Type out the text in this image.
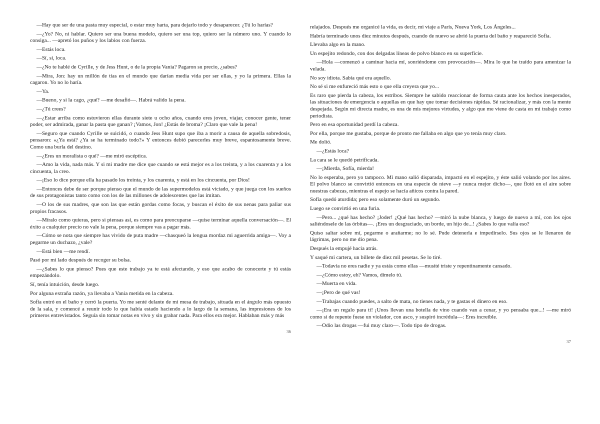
—Hay que ser de una pasta muy especial, o estar muy harta, para dejarlo todo y desaparecer. ¿Tú lo harías?

—¿Yo? No, ni hablar. Quiero ser una buena modelo, quiero ser una top, quiero ser la número uno. Y cuando lo consiga... —apretó los puños y los labios con fuerza.

—Estás loca.

—Sí, sí, loca.

—¿No te hablé de Cyrille, y de Jess Hunt, o de la propia Vania? Pagaron su precio, ¿sabes?

—Mira, Jon: hay un millón de tías en el mundo que darían media vida por ser ellas, y yo la primera. Ellas la cagaron. Yo no lo haría.

—Ya.

—Bueno, y si la cago, ¿qué? —me desafió—. Habrá valido la pena.

—¿Tú crees?

—¿Estar arriba como estuvieron ellas durante siete u ocho años, cuando eres joven, viajar, conocer gente, tener poder, ser admirada, ganar la pasta que ganan? ¡Vamos, Jon! ¿Estás de broma? ¡Claro que vale la pena!

—Seguro que cuando Cyrille se suicidó, o cuando Jess Hunt supo que iba a morir a causa de aquella sobredosis, pensaron: «¿Ya está? ¿Ya se ha terminado todo?» Y entonces debió parecerles muy breve, espantosamente breve. Como una burla del destino.

—¿Eres un moralista o qué? —me miró escéptica.

—Amo la vida, nada más. Y si mi madre me dice que cuando se está mejor es a los treinta, y a los cuarenta y a los cincuenta, la creo.

—¡Eso lo dice porque ella ha pasado los treinta, y los cuarenta, y está en los cincuenta, por Dios!

—Entonces debe de ser porque pienso que el mundo de las supermodelos está viciado, y que juega con los sueños de sus protagonistas tanto como con los de las millones de adolescentes que las imitan.

—O los de sus madres, que son las que están gordas como focas, y buscan el éxito de sus nenas para paliar sus propios fracasos.

—Míralo como quieras, pero si piensas así, es como para preocuparse —quise terminar aquella conversación—. El éxito a cualquier precio no vale la pena, porque siempre vas a pagar más.

—Cómo se nota que siempre has vivido de puta madre —chasqueó la lengua mordaz mi aguerrida amiga—. Voy a pegarme un duchazo, ¿vale?

—Está bien —me rendí.

Pasó por mi lado después de recoger su bolsa.

—¿Sabes lo que pienso? Pues que este trabajo ya te está afectando, y eso que acabo de conocerte y tú estás empezándolo.

Sí, tenía intuición, desde luego.

Por alguna extraña razón, ya llevaba a Vania metida en la cabeza.

Sofía entró en el baño y cerró la puerta. Yo me senté delante de mi mesa de trabajo, situada en el ángulo más opuesto de la sala, y comencé a reunir todo lo que había estado haciendo a lo largo de la semana, las impresiones de los primeros entrevistados. Seguía sin tomar notas en vivo y sin grabar nada. Para ellos era mejor. Hablaban más y más

36

relajados. Después me organicé la vida, es decir, mi viaje a París, Nueva York, Los Ángeles...

Habría terminado unos diez minutos después, cuando de nuevo se abrió la puerta del baño y reapareció Sofía.

Llevaba algo en la mano.

Un espejito redondo, con dos delgadas líneas de polvo blanco en su superficie.

—Hola —comenzó a caminar hacia mí, sonriéndome con provocación—. Mira lo que he traído para amenizar la velada.

No soy idiota. Sabía qué era aquello.

No sé si me enfureció más esto o que ella creyera que yo...

Es raro que pierda la cabeza, los estribos. Siempre he sabido reaccionar de forma cauta ante los hechos inesperados, las situaciones de emergencia o aquellas en que hay que tomar decisiones rápidas. Sé racionalizar, y más con la mente despejada. Según mi directa madre, es una de mis mejores virtudes, y algo que me viene de casta en mi trabajo como periodista.

Pero en esa oportunidad perdí la cabeza.

Por ella, porque me gustaba, porque de pronto me fallaba en algo que yo tenía muy claro.

Me dolió.

—¿Estás loca?

La cara se le quedó petrificada.

—¡Mierda, Sofía, mierda!

No lo esperaba, pero yo tampoco. Mi mano salió disparada, impactó en el espejito, y éste salió volando por los aires. El polvo blanco se convirtió entonces en una especie de nieve —y nunca mejor dicho—, que flotó en el aire sobre nuestras cabezas, mientras el espejo se hacía añicos contra la pared.

Sofía quedó aturdida; pero eso solamente duró un segundo.

Luego se convirtió en una furia.

—Pero... ¿qué has hecho? ¡Joder! ¿Qué has hecho? —miró la nube blanca, y luego de nuevo a mí, con los ojos saliéndosele de las órbitas—. ¡Eres un desgraciado, un borde, un hijo de...! ¿Sabes lo que valía eso?

Quiso saltar sobre mí, pegarme o arañarme; no lo sé. Pude detenerla e impedírselo. Sus ojos se le llenaron de lágrimas, pero no me dio pena.

Después la empujé hacia atrás.

Y saqué mi cartera, un billete de diez mil pesetas. Se lo tiré.

—Todavía no eres nadie y ya estás como ellas —musité triste y repentinamente cansado.

—¿Cómo estoy, eh? Vamos, dímelo tú.

—Muerta en vida.

—¡Pero de qué vas!

—Trabajas cuando puedes, a salto de mata, no tienes nada, y te gastas el dinero en eso.

—¡Era un regalo para ti! ¡Unos llevan una botella de vino cuando van a cenar, y yo pensaba que...! —me miró como si de repente fuese un violador, con asco, y suspiró incrédula—: Eres increíble.

—Odio las drogas —fui muy claro—. Todo tipo de drogas.

37
